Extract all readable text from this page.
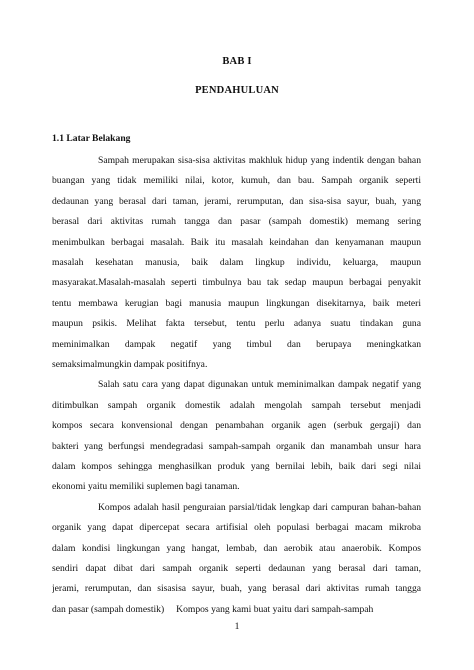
BAB I
PENDAHULUAN
1.1 Latar Belakang
Sampah merupakan sisa-sisa aktivitas makhluk hidup yang indentik dengan bahan
buangan yang tidak memiliki nilai, kotor, kumuh, dan bau. Sampah organik seperti
dedaunan yang berasal dari taman, jerami, rerumputan, dan sisa-sisa sayur, buah, yang
berasal dari aktivitas rumah tangga dan pasar (sampah domestik) memang sering
menimbulkan berbagai masalah. Baik itu masalah keindahan dan kenyamanan maupun
masalah kesehatan manusia, baik dalam lingkup individu, keluarga, maupun
masyarakat.Masalah-masalah seperti timbulnya bau tak sedap maupun berbagai penyakit
tentu membawa kerugian bagi manusia maupun lingkungan disekitarnya, baik meteri
maupun psikis. Melihat fakta tersebut, tentu perlu adanya suatu tindakan guna
meminimalkan dampak negatif yang timbul dan berupaya meningkatkan
semaksimalmungkin dampak positifnya.
Salah satu cara yang dapat digunakan untuk meminimalkan dampak negatif yang
ditimbulkan sampah organik domestik adalah mengolah sampah tersebut menjadi
kompos secara konvensional dengan penambahan organik agen (serbuk gergaji) dan
bakteri yang berfungsi mendegradasi sampah-sampah organik dan manambah unsur hara
dalam kompos sehingga menghasilkan produk yang bernilai lebih, baik dari segi nilai
ekonomi yaitu memiliki suplemen bagi tanaman.
Kompos adalah hasil penguraian parsial/tidak lengkap dari campuran bahan-bahan
organik yang dapat dipercepat secara artifisial oleh populasi berbagai macam mikroba
dalam kondisi lingkungan yang hangat, lembab, dan aerobik atau anaerobik. Kompos
sendiri dapat dibat dari sampah organik seperti dedaunan yang berasal dari taman,
jerami, rerumputan, dan sisasisa sayur, buah, yang berasal dari aktivitas rumah tangga
dan pasar (sampah domestik)     Kompos yang kami buat yaitu dari sampah-sampah
1
